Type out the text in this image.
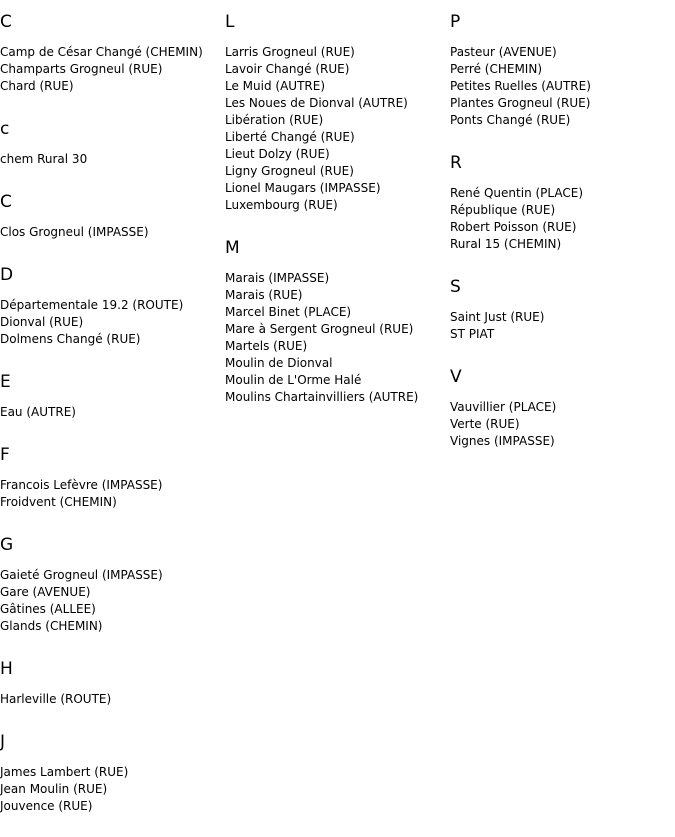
C
Camp de César Changé (CHEMIN)
Champarts Grogneul (RUE)
Chard (RUE)
c
chem Rural 30
C
Clos Grogneul (IMPASSE)
D
Départementale 19.2 (ROUTE)
Dionval (RUE)
Dolmens Changé (RUE)
E
Eau (AUTRE)
F
Francois Lefèvre (IMPASSE)
Froidvent (CHEMIN)
G
Gaieté Grogneul (IMPASSE)
Gare (AVENUE)
Gâtines (ALLEE)
Glands (CHEMIN)
H
Harleville (ROUTE)
J
James Lambert (RUE)
Jean Moulin (RUE)
Jouvence (RUE)
L
Larris Grogneul (RUE)
Lavoir Changé (RUE)
Le Muid (AUTRE)
Les Noues de Dionval (AUTRE)
Libération (RUE)
Liberté Changé (RUE)
Lieut Dolzy (RUE)
Ligny Grogneul (RUE)
Lionel Maugars (IMPASSE)
Luxembourg (RUE)
M
Marais (IMPASSE)
Marais (RUE)
Marcel Binet (PLACE)
Mare à Sergent Grogneul (RUE)
Martels (RUE)
Moulin de Dionval
Moulin de L'Orme Halé
Moulins Chartainvilliers (AUTRE)
P
Pasteur (AVENUE)
Perré (CHEMIN)
Petites Ruelles (AUTRE)
Plantes Grogneul (RUE)
Ponts Changé (RUE)
R
René Quentin (PLACE)
République (RUE)
Robert Poisson (RUE)
Rural 15 (CHEMIN)
S
Saint Just (RUE)
ST PIAT
V
Vauvillier (PLACE)
Verte (RUE)
Vignes (IMPASSE)
